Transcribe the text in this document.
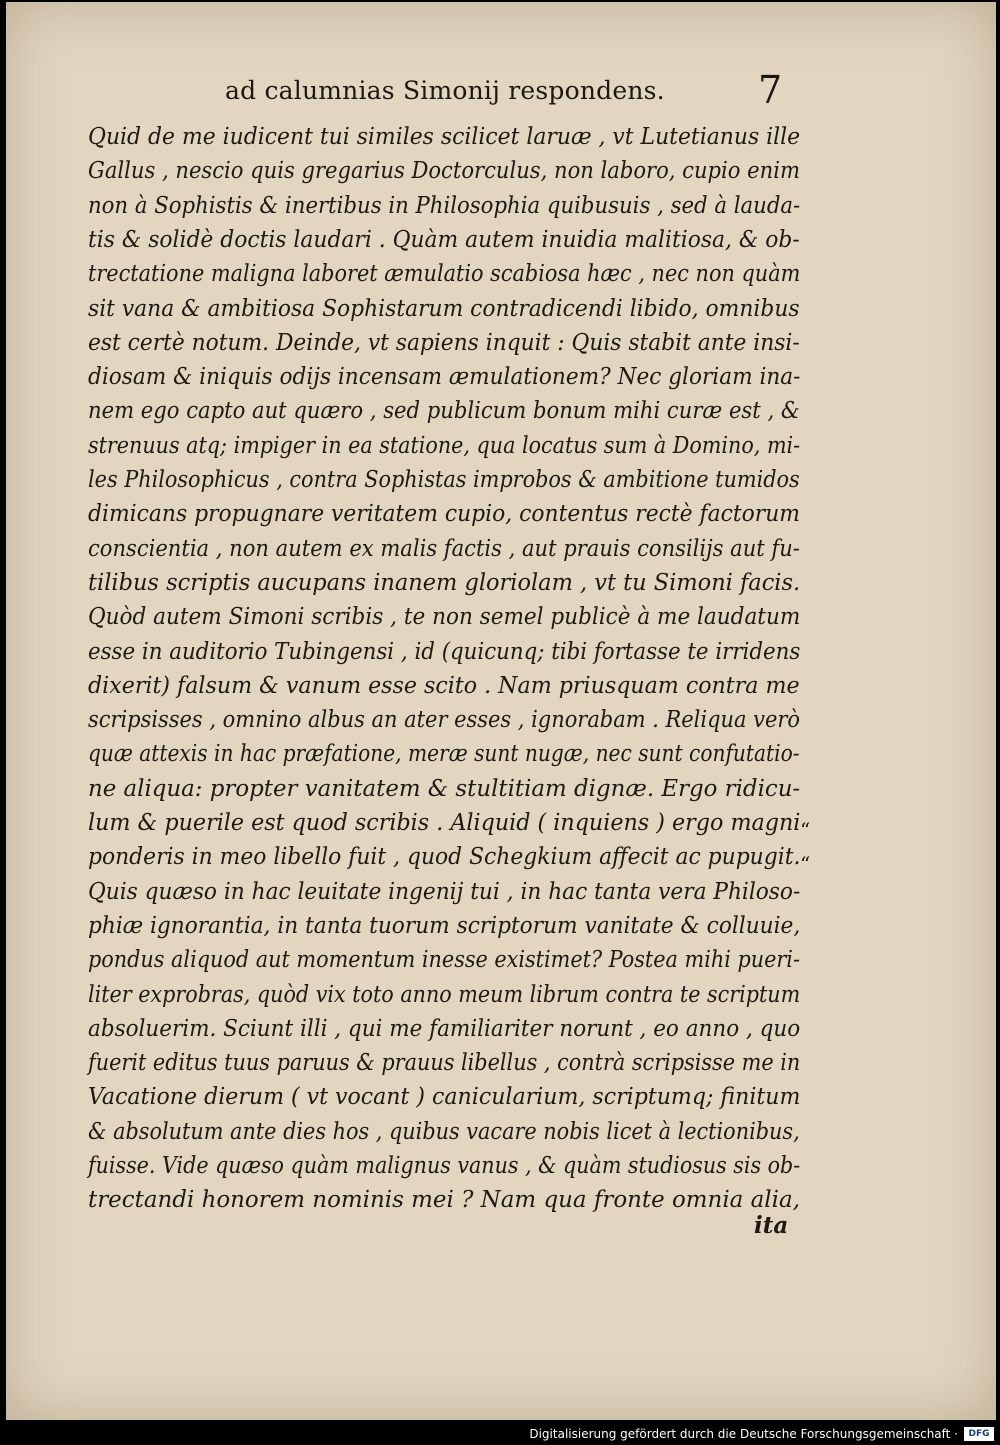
ad calumnias Simonij respondens. 7
Quid de me iudicent tui similes scilicet laruæ , vt Lutetianus ille
Gallus , nescio quis gregarius Doctorculus, non laboro, cupio enim
non à Sophistis & inertibus in Philosophia quibusuis , sed à lauda-
tis & solidè doctis laudari . Quàm autem inuidia malitiosa, & ob-
trectatione maligna laboret æmulatio scabiosa hæc , nec non quàm
sit vana & ambitiosa Sophistarum contradicendi libido, omnibus
est certè notum. Deinde, vt sapiens inquit : Quis stabit ante insi-
diosam & iniquis odijs incensam æmulationem? Nec gloriam ina-
nem ego capto aut quæro , sed publicum bonum mihi curæ est , &
strenuus atq; impiger in ea statione, qua locatus sum à Domino, mi-
les Philosophicus , contra Sophistas improbos & ambitione tumidos
dimicans propugnare veritatem cupio, contentus rectè factorum
conscientia , non autem ex malis factis , aut prauis consilijs aut fu-
tilibus scriptis aucupans inanem gloriolam , vt tu Simoni facis.
Quòd autem Simoni scribis , te non semel publicè à me laudatum
esse in auditorio Tubingensi , id (quicunq; tibi fortasse te irridens
dixerit) falsum & vanum esse scito . Nam priusquam contra me
scripsisses , omnino albus an ater esses , ignorabam . Reliqua verò
quæ attexis in hac præfatione, meræ sunt nugæ, nec sunt confutatio-
ne aliqua: propter vanitatem & stultitiam dignæ. Ergo ridicu-
lum & puerile est quod scribis . Aliquid ( inquiens ) ergo magni
ponderis in meo libello fuit , quod Schegkium affecit ac pupugit.
Quis quæso in hac leuitate ingenij tui , in hac tanta vera Philoso-
phiæ ignorantia, in tanta tuorum scriptorum vanitate & colluuie,
pondus aliquod aut momentum inesse existimet? Postea mihi pueri-
liter exprobras, quòd vix toto anno meum librum contra te scriptum
absoluerim. Sciunt illi , qui me familiariter norunt , eo anno , quo
fuerit editus tuus paruus & prauus libellus , contrà scripsisse me in
Vacatione dierum ( vt vocant ) canicularium, scriptumq; finitum
& absolutum ante dies hos , quibus vacare nobis licet à lectionibus,
fuisse. Vide quæso quàm malignus vanus , & quàm studiosus sis ob-
trectandi honorem nominis mei ? Nam qua fronte omnia alia,
“
“
ita
Digitalisierung gefördert durch die Deutsche Forschungsgemeinschaft ·	DFG
